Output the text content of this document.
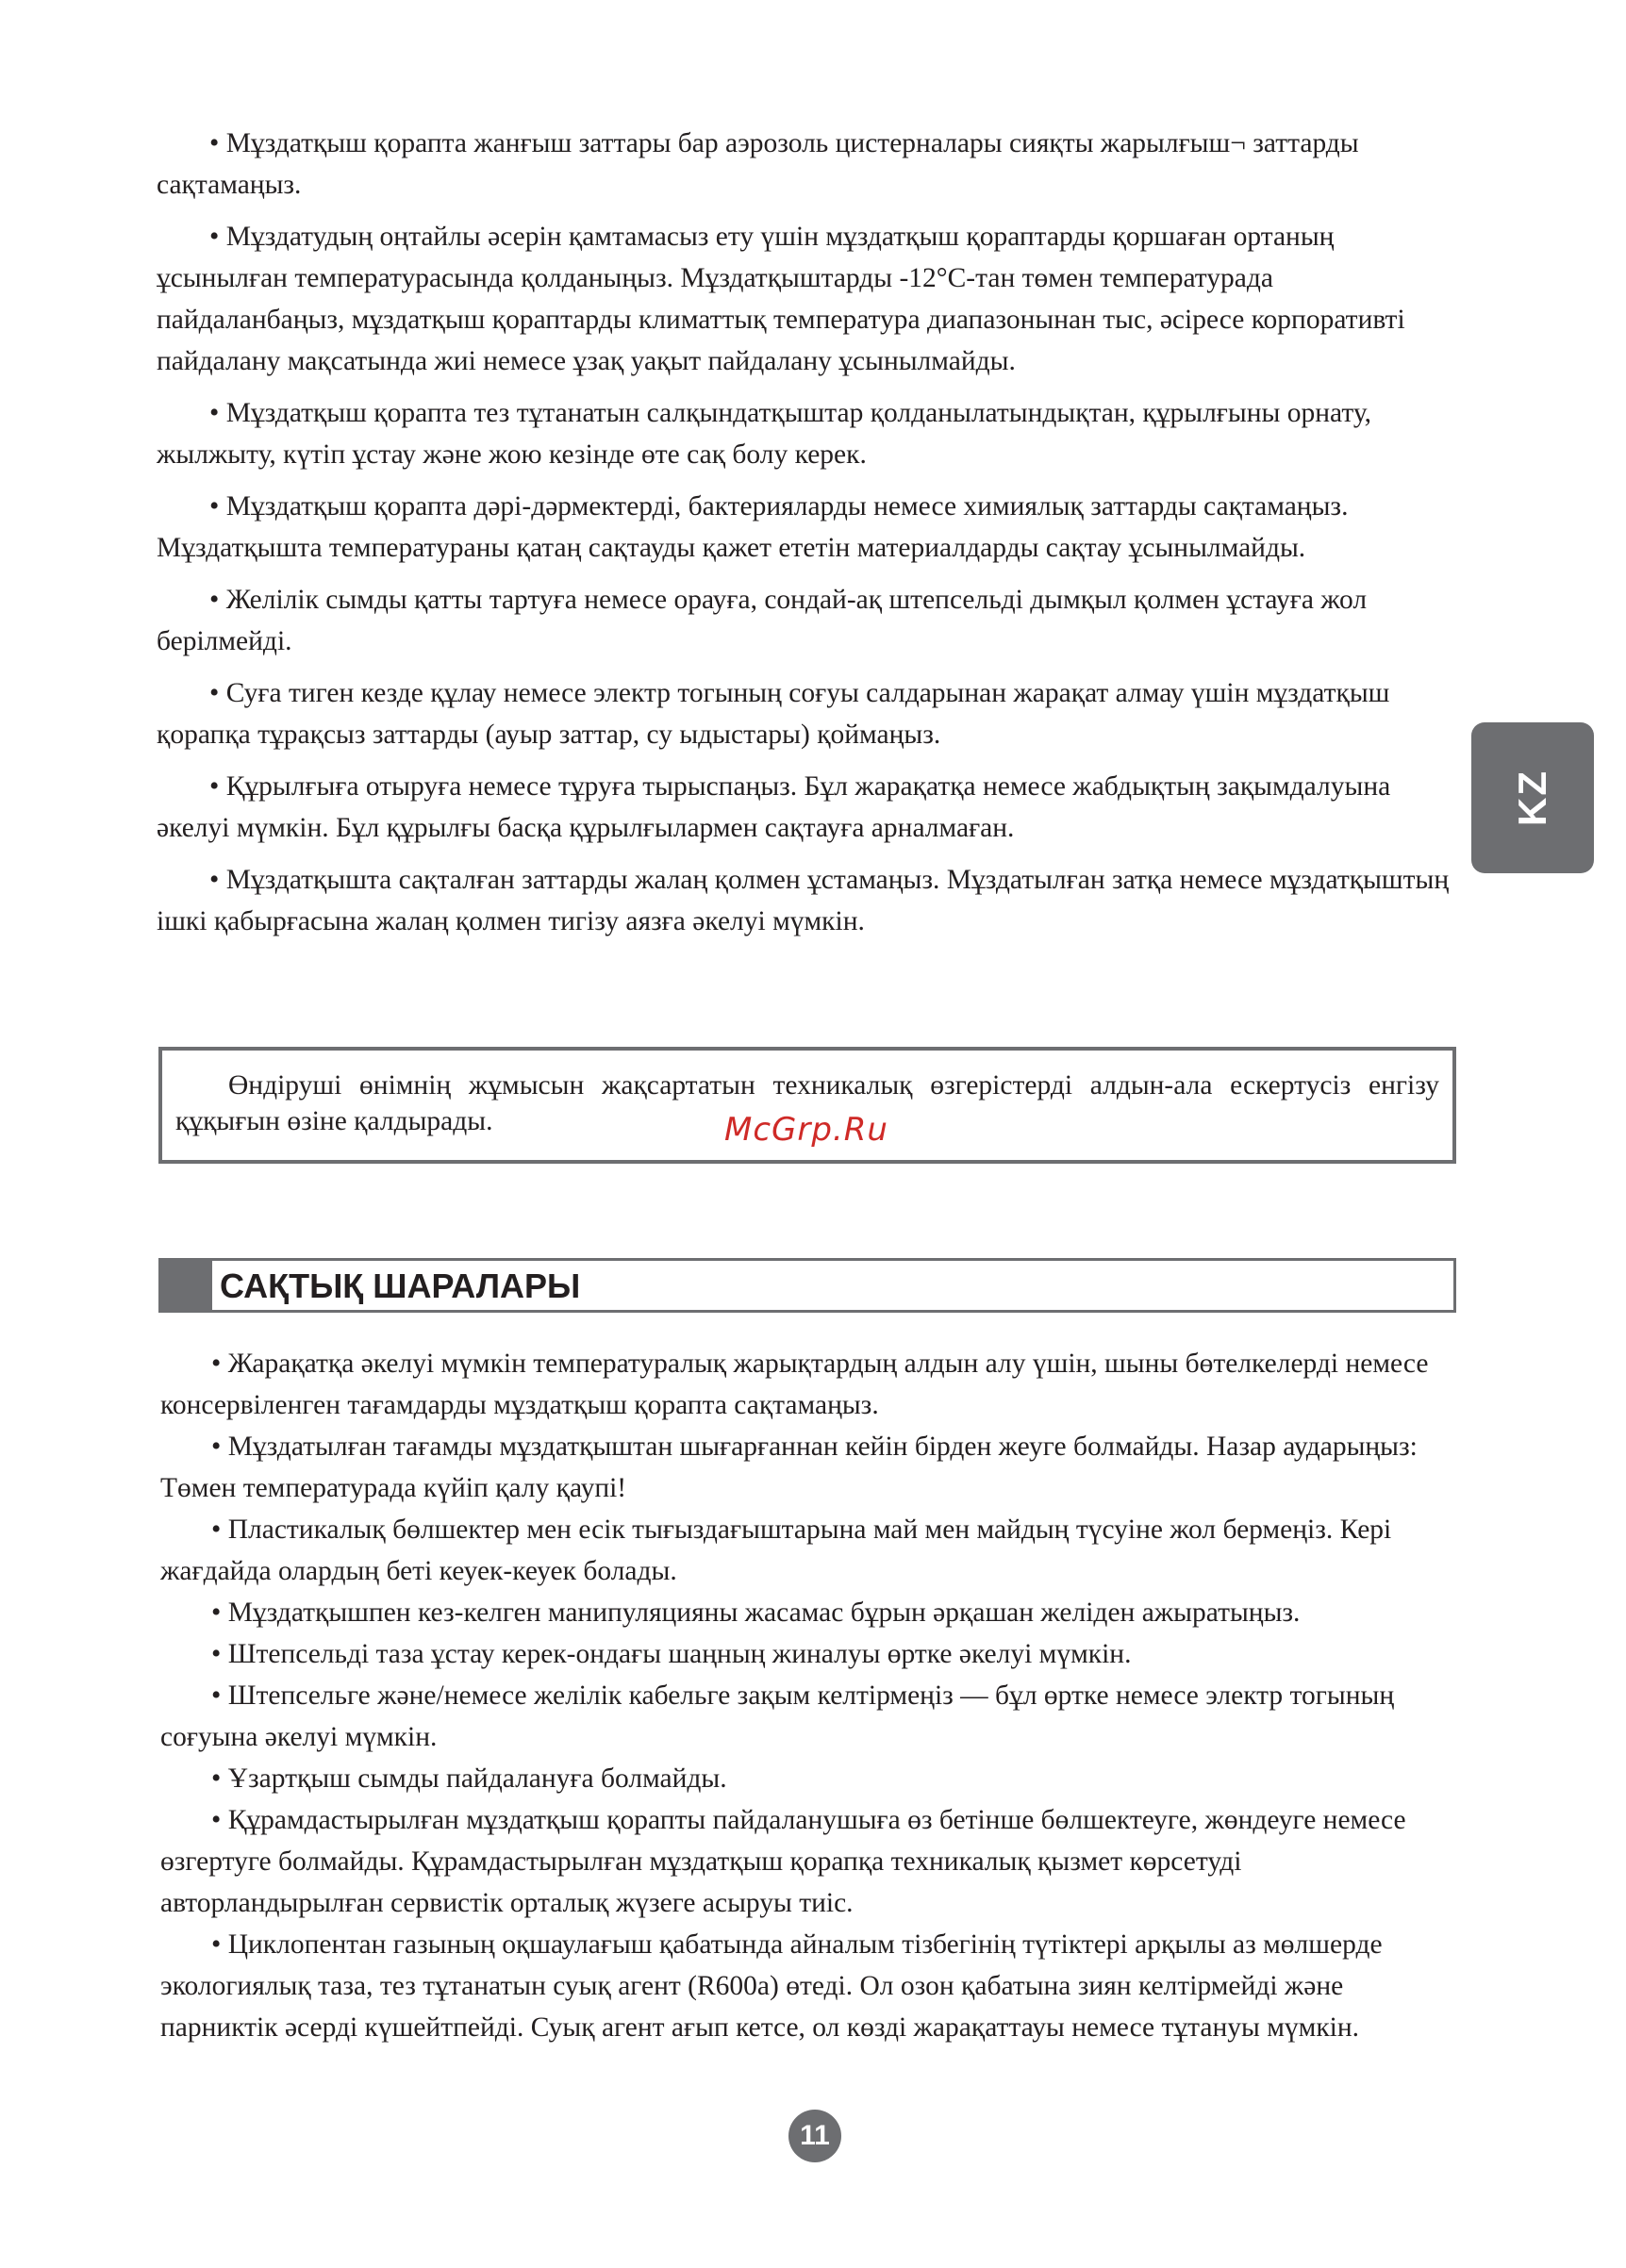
• Мұздатқыш қорапта жанғыш заттары бар аэрозоль цистерналары сияқты жарылғыш¬ заттарды сақтамаңыз.

• Мұздатудың оңтайлы әсерін қамтамасыз ету үшін мұздатқыш қораптарды қоршаған ортаның ұсынылған температурасында қолданыңыз. Мұздатқыштарды -12°С-тан төмен температурада пайдаланбаңыз, мұздатқыш қораптарды климаттық температура диапазонынан тыс, әсіресе корпоративті пайдалану мақсатында жиі немесе ұзақ уақыт пайдалану ұсынылмайды.

• Мұздатқыш қорапта тез тұтанатын салқындатқыштар қолданылатындықтан, құрылғыны орнату, жылжыту, күтіп ұстау және жою кезінде өте сақ болу керек.

• Мұздатқыш қорапта дәрі-дәрмектерді, бактерияларды немесе химиялық заттарды сақтамаңыз. Мұздатқышта температураны қатаң сақтауды қажет ететін материалдарды сақтау ұсынылмайды.

• Желілік сымды қатты тартуға немесе орауға, сондай-ақ штепсельді дымқыл қолмен ұстауға жол берілмейді.

• Суға тиген кезде құлау немесе электр тогының соғуы салдарынан жарақат алмау үшін мұздатқыш қорапқа тұрақсыз заттарды (ауыр заттар, су ыдыстары) қоймаңыз.

• Құрылғыға отыруға немесе тұруға тырыспаңыз. Бұл жарақатқа немесе жабдықтың зақымдалуына әкелуі мүмкін. Бұл құрылғы басқа құрылғылармен сақтауға арналмаған.

• Мұздатқышта сақталған заттарды жалаң қолмен ұстамаңыз. Мұздатылған затқа немесе мұздатқыштың ішкі қабырғасына жалаң қолмен тигізу аязға әкелуі мүмкін.

Өндіруші өнімнің жұмысын жақсартатын техникалық өзгерістерді алдын-ала ескертусіз енгізу құқығын өзіне қалдырады.	McGrp.Ru
САҚТЫҚ ШАРАЛАРЫ

• Жарақатқа әкелуі мүмкін температуралық жарықтардың алдын алу үшін, шыны бөтелкелерді немесе консервіленген тағамдарды мұздатқыш қорапта сақтамаңыз.

• Мұздатылған тағамды мұздатқыштан шығарғаннан кейін бірден жеуге болмайды. Назар аударыңыз: Төмен температурада күйіп қалу қаупі!

• Пластикалық бөлшектер мен есік тығыздағыштарына май мен майдың түсуіне жол бермеңіз. Кері жағдайда олардың беті кеуек-кеуек болады.

• Мұздатқышпен кез-келген манипуляцияны жасамас бұрын әрқашан желіден ажыратыңыз.

• Штепсельді таза ұстау керек-ондағы шаңның жиналуы өртке әкелуі мүмкін.

• Штепсельге және/немесе желілік кабельге зақым келтірмеңіз — бұл өртке немесе электр тогының соғуына әкелуі мүмкін.

• Ұзартқыш сымды пайдалануға болмайды.

• Құрамдастырылған мұздатқыш қорапты пайдаланушыға өз бетінше бөлшектеуге, жөндеуге немесе өзгертуге болмайды. Құрамдастырылған мұздатқыш қорапқа техникалық қызмет көрсетуді авторландырылған сервистік орталық жүзеге асыруы тиіс.

• Циклопентан газының оқшаулағыш қабатында айналым тізбегінің түтіктері арқылы аз мөлшерде экологиялық таза, тез тұтанатын суық агент (R600a) өтеді. Ол озон қабатына зиян келтірмейді және парниктік әсерді күшейтпейді. Суық агент ағып кетсе, ол көзді жарақаттауы немесе тұтануы мүмкін.

KZ
11
